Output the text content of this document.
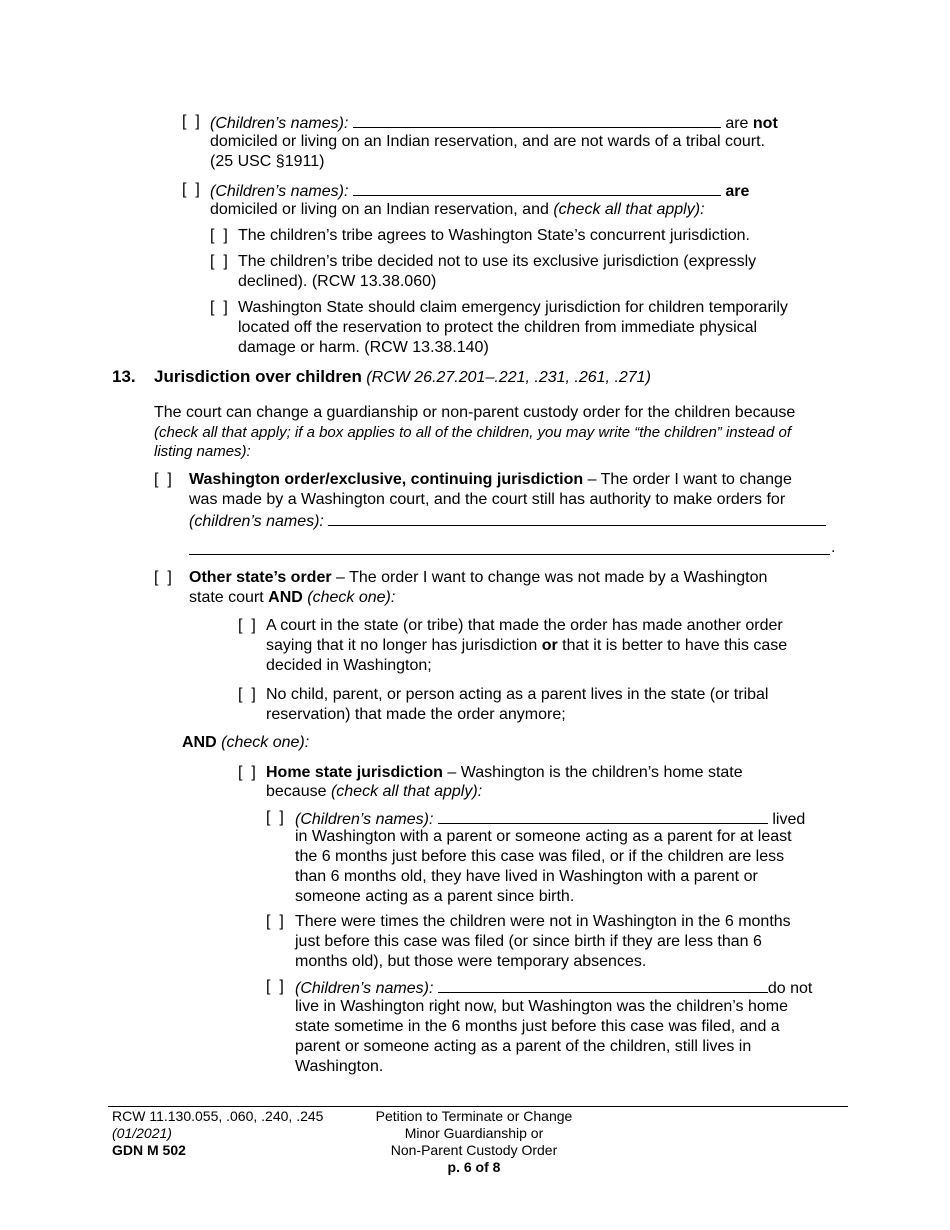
[  ] (Children’s names):	are not
domiciled or living on an Indian reservation, and are not wards of a tribal court.
(25 USC §1911)
[  ] (Children’s names):	are
domiciled or living on an Indian reservation, and (check all that apply):
[  ] The children’s tribe agrees to Washington State’s concurrent jurisdiction.
[  ] The children’s tribe decided not to use its exclusive jurisdiction (expressly
declined). (RCW 13.38.060)
[  ] Washington State should claim emergency jurisdiction for children temporarily
located off the reservation to protect the children from immediate physical
damage or harm. (RCW 13.38.140)
13. Jurisdiction over children (RCW 26.27.201–.221, .231, .261, .271)
The court can change a guardianship or non-parent custody order for the children because
(check all that apply; if a box applies to all of the children, you may write “the children” instead of
listing names):
[  ] Washington order/exclusive, continuing jurisdiction – The order I want to change
was made by a Washington court, and the court still has authority to make orders for
(children’s names):
.
[  ] Other state’s order – The order I want to change was not made by a Washington
state court AND (check one):
[  ] A court in the state (or tribe) that made the order has made another order
saying that it no longer has jurisdiction or that it is better to have this case
decided in Washington;
[  ] No child, parent, or person acting as a parent lives in the state (or tribal
reservation) that made the order anymore;
AND (check one):
[  ] Home state jurisdiction – Washington is the children’s home state
because (check all that apply):
[  ] (Children’s names):	lived
in Washington with a parent or someone acting as a parent for at least
the 6 months just before this case was filed, or if the children are less
than 6 months old, they have lived in Washington with a parent or
someone acting as a parent since birth.
[  ] There were times the children were not in Washington in the 6 months
just before this case was filed (or since birth if they are less than 6
months old), but those were temporary absences.
[  ] (Children’s names):	do not
live in Washington right now, but Washington was the children’s home
state sometime in the 6 months just before this case was filed, and a
parent or someone acting as a parent of the children, still lives in
Washington.
RCW 11.130.055, .060, .240, .245
(01/2021)
GDN M 502
Petition to Terminate or Change
Minor Guardianship or
Non-Parent Custody Order
p. 6 of 8
